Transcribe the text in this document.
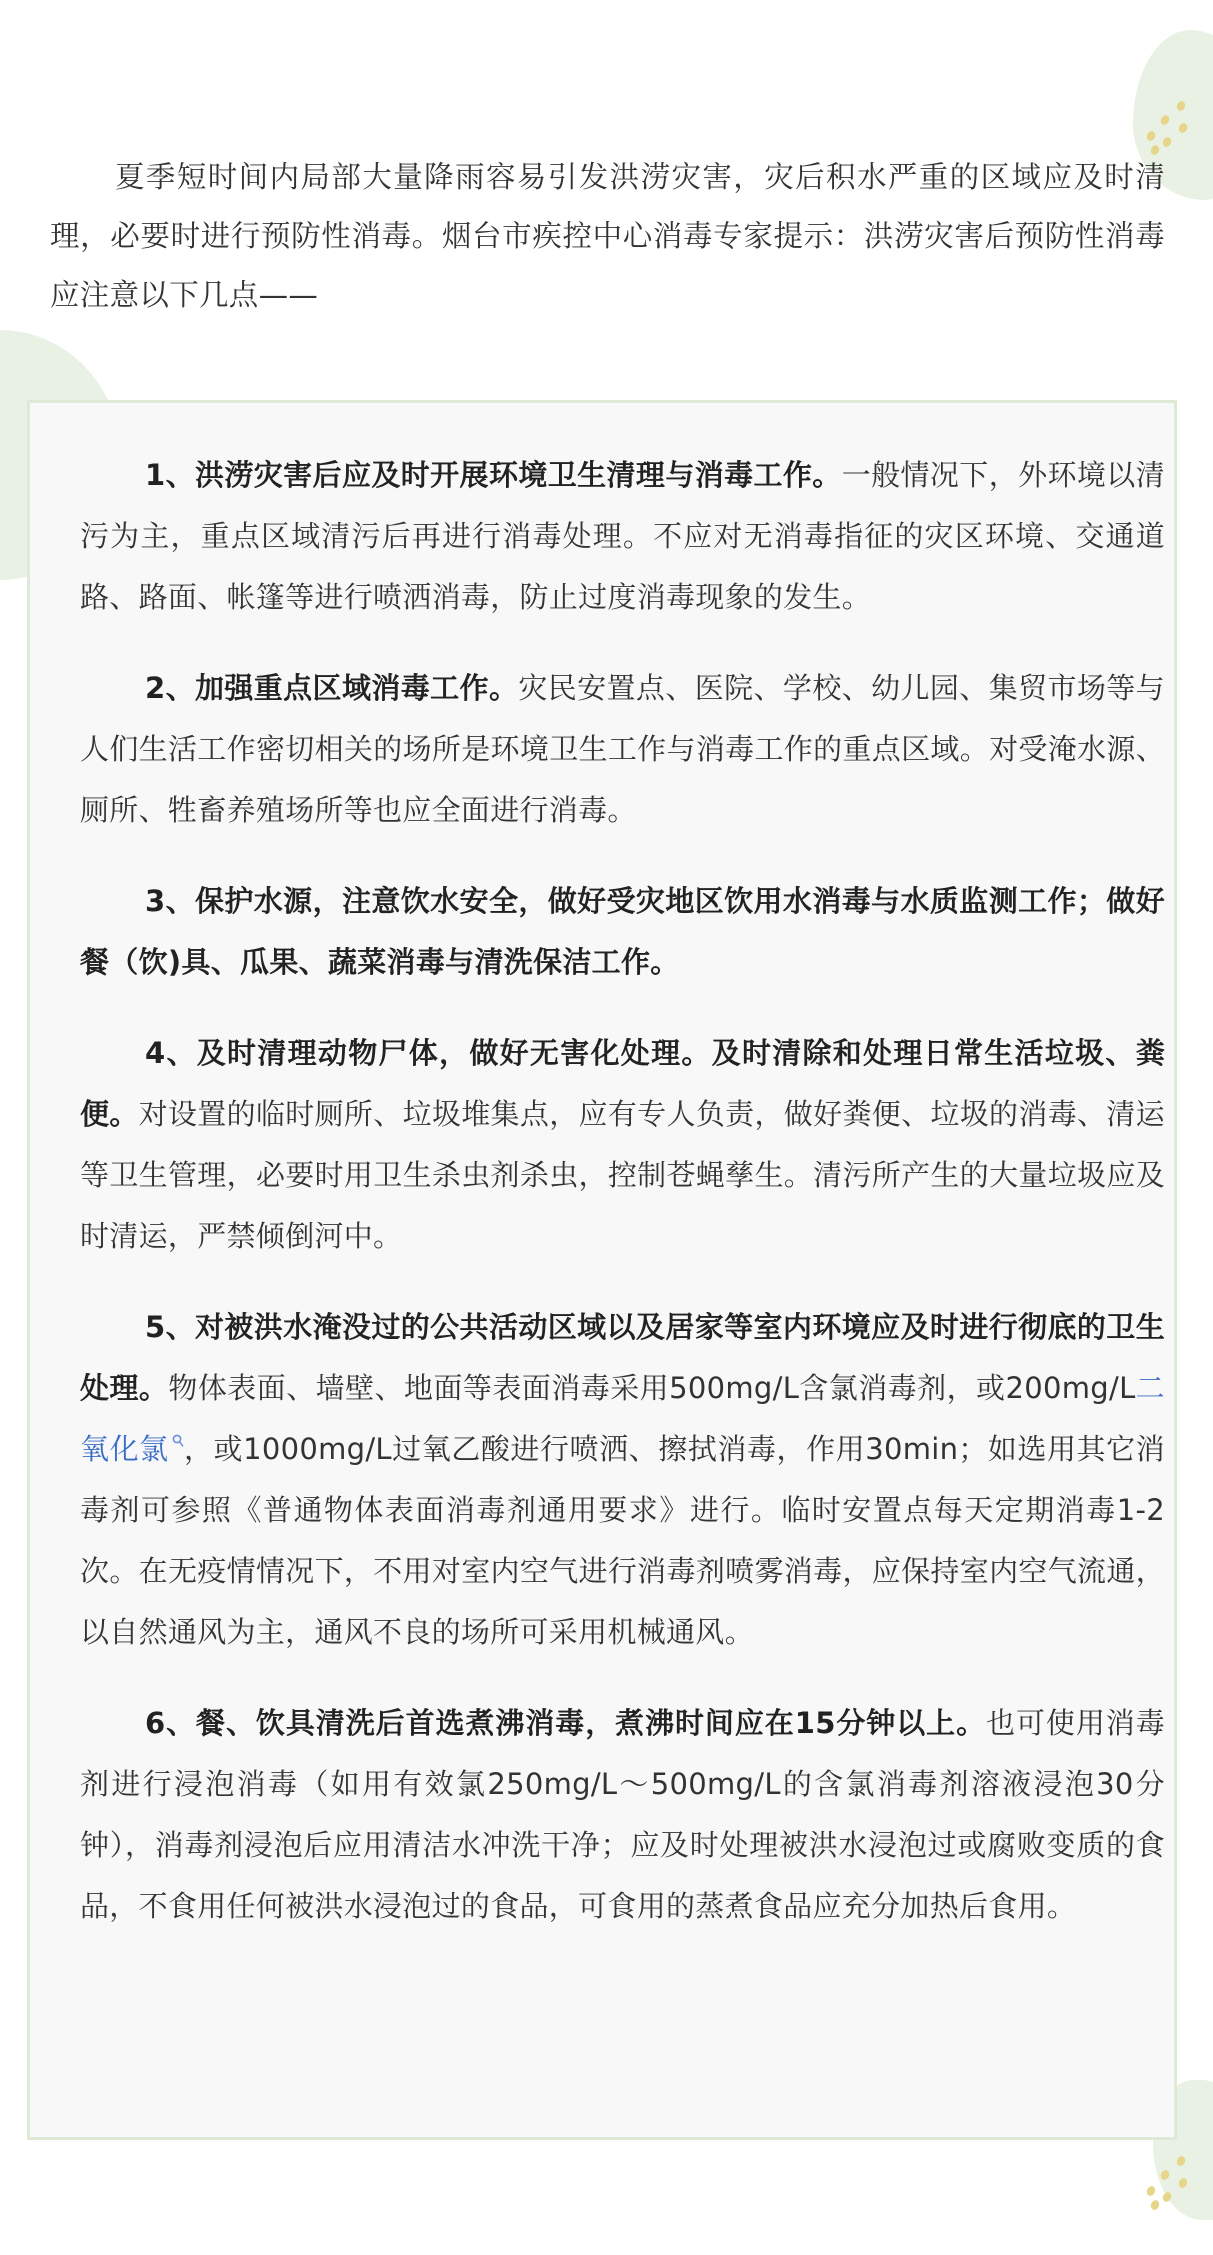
夏季短时间内局部大量降雨容易引发洪涝灾害，灾后积水严重的区域应及时清理，必要时进行预防性消毒。烟台市疾控中心消毒专家提示：洪涝灾害后预防性消毒应注意以下几点——

1、洪涝灾害后应及时开展环境卫生清理与消毒工作。一般情况下，外环境以清污为主，重点区域清污后再进行消毒处理。不应对无消毒指征的灾区环境、交通道路、路面、帐篷等进行喷洒消毒，防止过度消毒现象的发生。

2、加强重点区域消毒工作。灾民安置点、医院、学校、幼儿园、集贸市场等与人们生活工作密切相关的场所是环境卫生工作与消毒工作的重点区域。对受淹水源、厕所、牲畜养殖场所等也应全面进行消毒。

3、保护水源，注意饮水安全，做好受灾地区饮用水消毒与水质监测工作；做好餐（饮)具、瓜果、蔬菜消毒与清洗保洁工作。

4、及时清理动物尸体，做好无害化处理。及时清除和处理日常生活垃圾、粪便。对设置的临时厕所、垃圾堆集点，应有专人负责，做好粪便、垃圾的消毒、清运等卫生管理，必要时用卫生杀虫剂杀虫，控制苍蝇孳生。清污所产生的大量垃圾应及时清运，严禁倾倒河中。

5、对被洪水淹没过的公共活动区域以及居家等室内环境应及时进行彻底的卫生处理。物体表面、墙壁、地面等表面消毒采用500mg/L含氯消毒剂，或200mg/L二氧化氯 ，或1000mg/L过氧乙酸进行喷洒、擦拭消毒，作用30min；如选用其它消毒剂可参照《普通物体表面消毒剂通用要求》进行。临时安置点每天定期消毒1-2次。在无疫情情况下，不用对室内空气进行消毒剂喷雾消毒，应保持室内空气流通，以自然通风为主，通风不良的场所可采用机械通风。

6、餐、饮具清洗后首选煮沸消毒，煮沸时间应在15分钟以上。也可使用消毒剂进行浸泡消毒（如用有效氯250mg/L～500mg/L的含氯消毒剂溶液浸泡30分钟），消毒剂浸泡后应用清洁水冲洗干净；应及时处理被洪水浸泡过或腐败变质的食品，不食用任何被洪水浸泡过的食品，可食用的蒸煮食品应充分加热后食用。
